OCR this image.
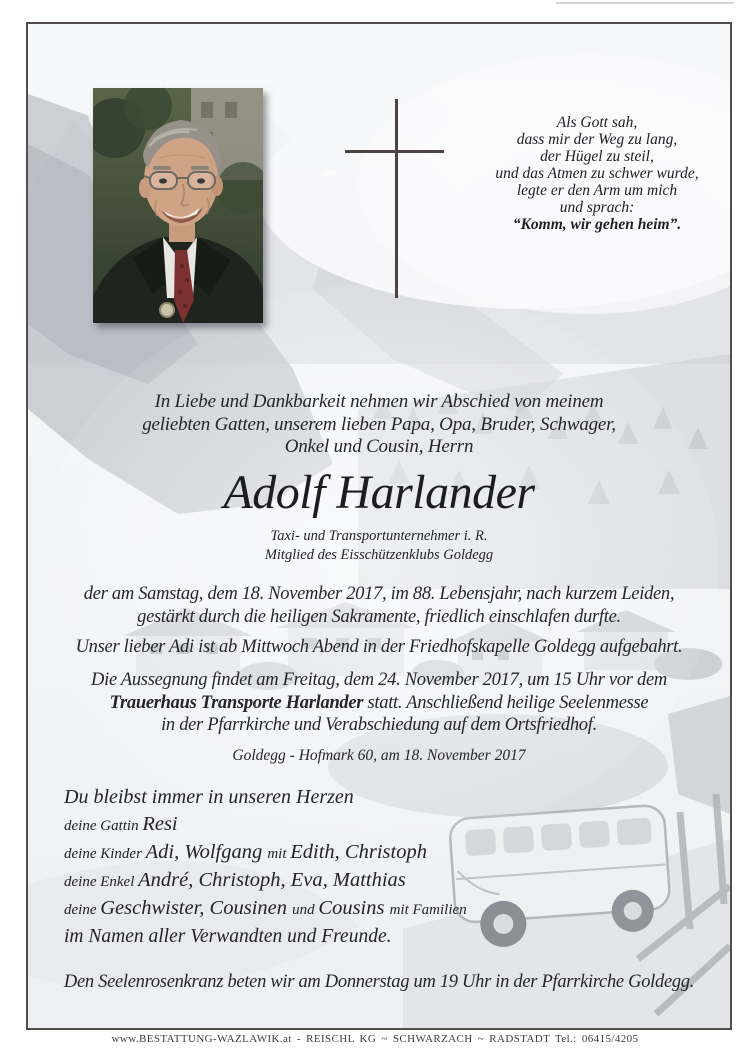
Als Gott sah,
dass mir der Weg zu lang,
der Hügel zu steil,
und das Atmen zu schwer wurde,
legte er den Arm um mich
und sprach:
“Komm, wir gehen heim”.
In Liebe und Dankbarkeit nehmen wir Abschied von meinem
geliebten Gatten, unserem lieben Papa, Opa, Bruder, Schwager,
Onkel und Cousin, Herrn
Adolf Harlander
Taxi- und Transportunternehmer i. R.
Mitglied des Eisschützenklubs Goldegg
der am Samstag, dem 18. November 2017, im 88. Lebensjahr, nach kurzem Leiden,
gestärkt durch die heiligen Sakramente, friedlich einschlafen durfte.
Unser lieber Adi ist ab Mittwoch Abend in der Friedhofskapelle Goldegg aufgebahrt.
Die Aussegnung findet am Freitag, dem 24. November 2017, um 15 Uhr vor dem
Trauerhaus Transporte Harlander statt. Anschließend heilige Seelenmesse
in der Pfarrkirche und Verabschiedung auf dem Ortsfriedhof.
Goldegg - Hofmark 60, am 18. November 2017
Du bleibst immer in unseren Herzen
deine Gattin Resi
deine Kinder Adi, Wolfgang mit Edith, Christoph
deine Enkel André, Christoph, Eva, Matthias
deine Geschwister, Cousinen und Cousins mit Familien
im Namen aller Verwandten und Freunde.
Den Seelenrosenkranz beten wir am Donnerstag um 19 Uhr in der Pfarrkirche Goldegg.
www.BESTATTUNG-WAZLAWIK.at - REISCHL KG ~ SCHWARZACH ~ RADSTADT Tel.: 06415/4205
